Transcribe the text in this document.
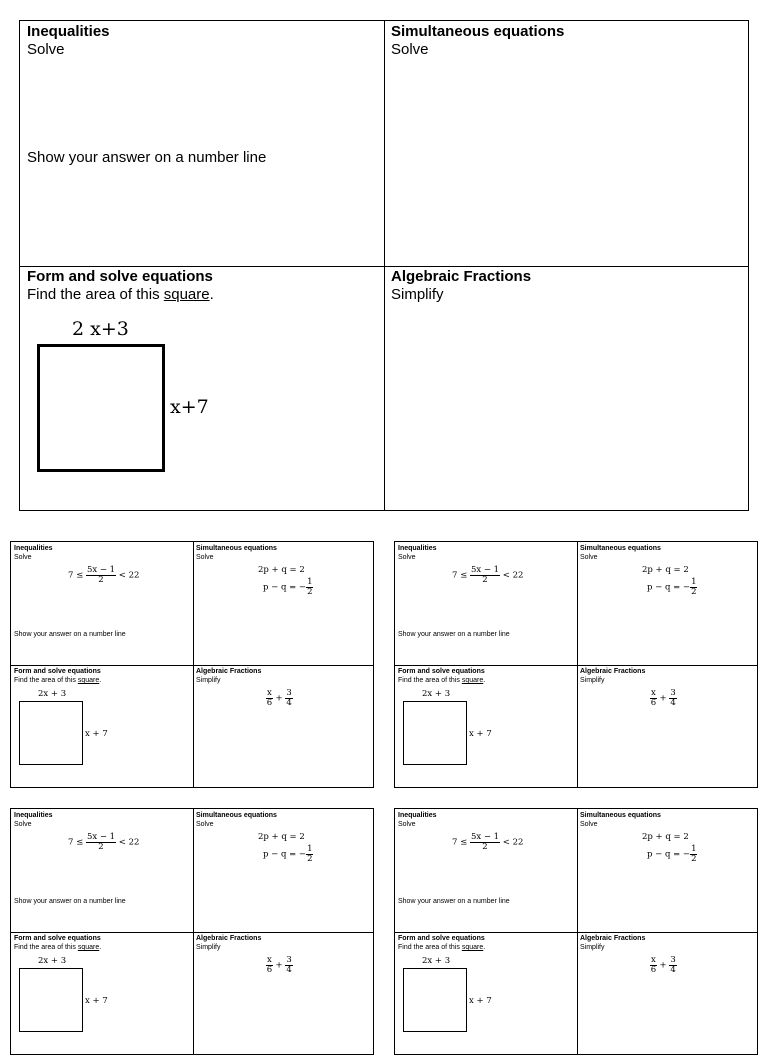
Inequalities
Solve
Show your answer on a number line
Simultaneous equations
Solve
Form and solve equations
Find the area of this square.
2 x+3
x+7
Algebraic Fractions
Simplify
Inequalities
Solve
$7 \le \frac{5x - 1}{2} < 22$
Show your answer on a number line
Simultaneous equations
Solve
2p + q = 2
p − q = − $\frac{1}{2}$
Form and solve equations
Find the area of this square.
2x + 3
x + 7
Algebraic Fractions
Simplify
$\frac{x}{6} + \frac{3}{4}$
Inequalities
Solve
$7 \le \frac{5x - 1}{2} < 22$
Show your answer on a number line
Simultaneous equations
Solve
2p + q = 2
p − q = − $\frac{1}{2}$
Form and solve equations
Find the area of this square.
2x + 3
x + 7
Algebraic Fractions
Simplify
$\frac{x}{6} + \frac{3}{4}$
Inequalities
Solve
$7 \le \frac{5x - 1}{2} < 22$
Show your answer on a number line
Simultaneous equations
Solve
2p + q = 2
p − q = − $\frac{1}{2}$
Form and solve equations
Find the area of this square.
2x + 3
x + 7
Algebraic Fractions
Simplify
$\frac{x}{6} + \frac{3}{4}$
Inequalities
Solve
$7 \le \frac{5x - 1}{2} < 22$
Show your answer on a number line
Simultaneous equations
Solve
2p + q = 2
p − q = − $\frac{1}{2}$
Form and solve equations
Find the area of this square.
2x + 3
x + 7
Algebraic Fractions
Simplify
$\frac{x}{6} + \frac{3}{4}$
